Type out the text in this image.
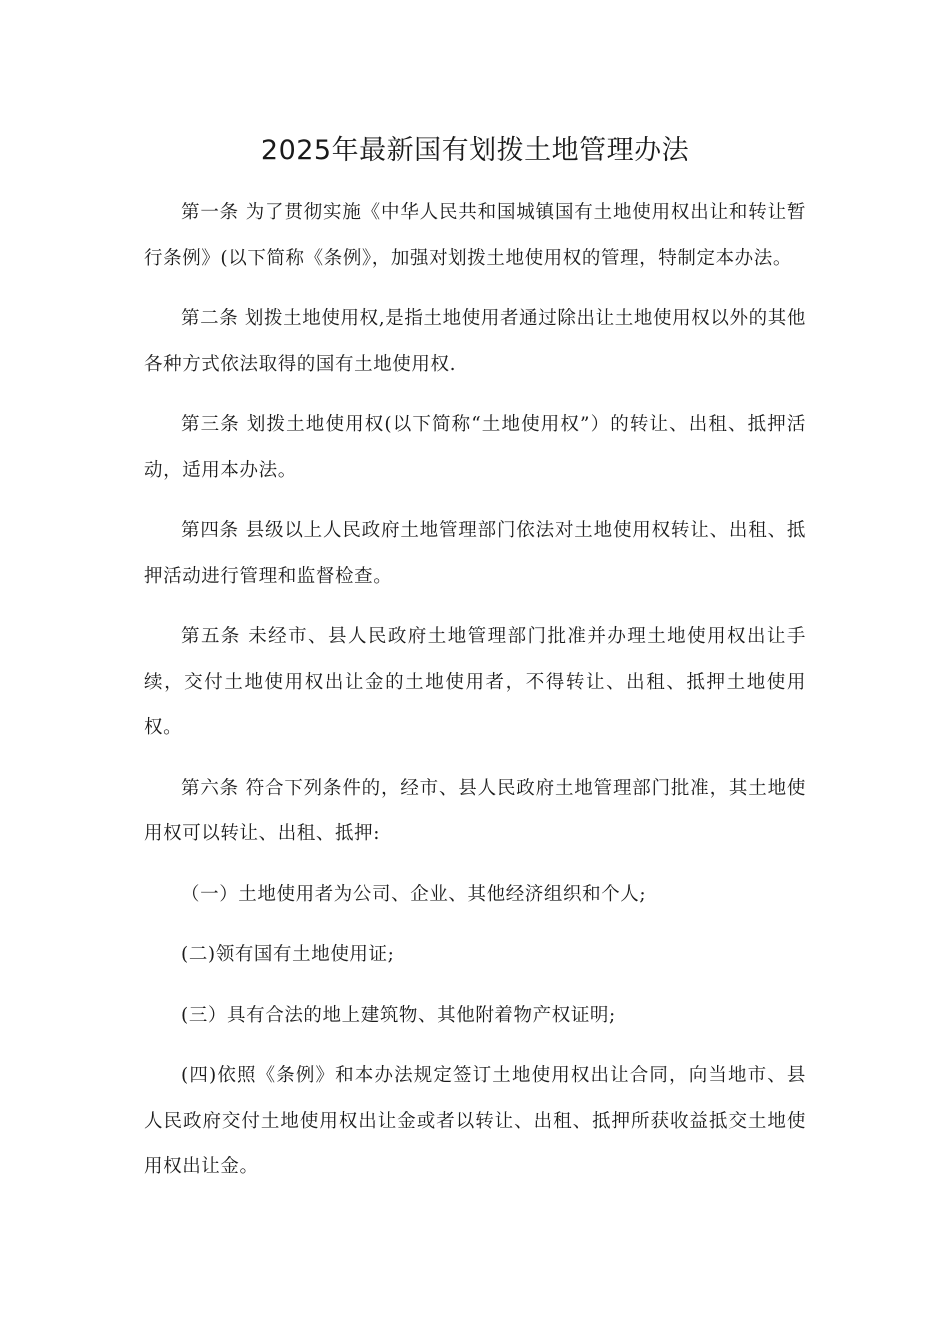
2025年最新国有划拨土地管理办法

第一条 为了贯彻实施《中华人民共和国城镇国有土地使用权出让和转让暂行条例》(以下简称《条例》，加强对划拨土地使用权的管理，特制定本办法。

第二条 划拨土地使用权,是指土地使用者通过除出让土地使用权以外的其他各种方式依法取得的国有土地使用权.

第三条 划拨土地使用权(以下简称“土地使用权”）的转让、出租、抵押活动，适用本办法。

第四条 县级以上人民政府土地管理部门依法对土地使用权转让、出租、抵押活动进行管理和监督检查。

第五条 未经市、县人民政府土地管理部门批准并办理土地使用权出让手续，交付土地使用权出让金的土地使用者，不得转让、出租、抵押土地使用权。

第六条 符合下列条件的，经市、县人民政府土地管理部门批准，其土地使用权可以转让、出租、抵押:

（一）土地使用者为公司、企业、其他经济组织和个人;

(二)领有国有土地使用证;

(三）具有合法的地上建筑物、其他附着物产权证明;

(四)依照《条例》和本办法规定签订土地使用权出让合同，向当地市、县人民政府交付土地使用权出让金或者以转让、出租、抵押所获收益抵交土地使用权出让金。
